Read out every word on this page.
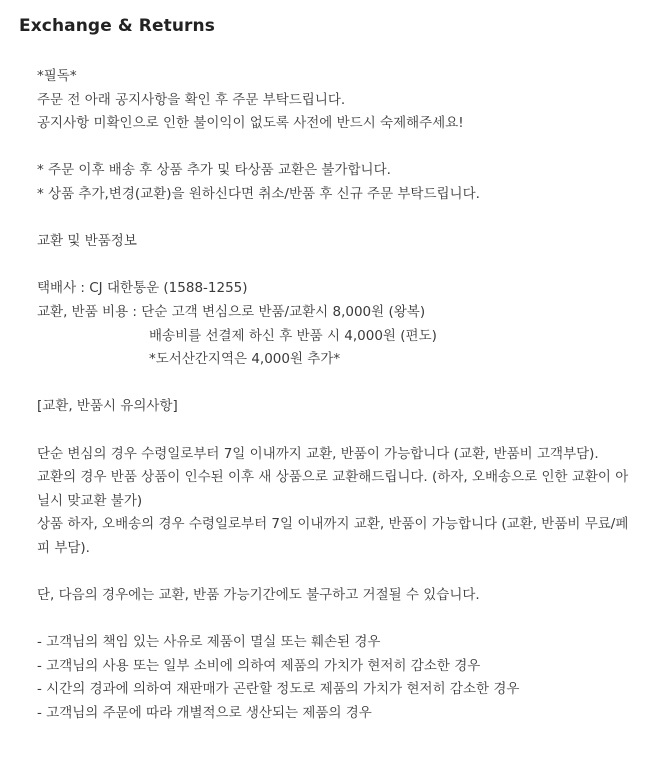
Exchange & Returns
*필독*
주문 전 아래 공지사항을 확인 후 주문 부탁드립니다.
공지사항 미확인으로 인한 불이익이 없도록 사전에 반드시 숙제해주세요!
* 주문 이후 배송 후 상품 추가 및 타상품 교환은 불가합니다.
* 상품 추가,변경(교환)을 원하신다면 취소/반품 후 신규 주문 부탁드립니다.
교환 및 반품정보
택배사 : CJ 대한통운 (1588-1255)
교환, 반품 비용 : 단순 고객 변심으로 반품/교환시 8,000원 (왕복)
배송비를 선결제 하신 후 반품 시 4,000원 (편도)
*도서산간지역은 4,000원 추가*
[교환, 반품시 유의사항]
단순 변심의 경우 수령일로부터 7일 이내까지 교환, 반품이 가능합니다 (교환, 반품비 고객부담).
교환의 경우 반품 상품이 인수된 이후 새 상품으로 교환해드립니다. (하자, 오배송으로 인한 교환이 아닐시 맞교환 불가)
상품 하자, 오배송의 경우 수령일로부터 7일 이내까지 교환, 반품이 가능합니다 (교환, 반품비 무료/페피 부담).
단, 다음의 경우에는 교환, 반품 가능기간에도 불구하고 거절될 수 있습니다.
- 고객님의 책임 있는 사유로 제품이 멸실 또는 훼손된 경우
- 고객님의 사용 또는 일부 소비에 의하여 제품의 가치가 현저히 감소한 경우
- 시간의 경과에 의하여 재판매가 곤란할 정도로 제품의 가치가 현저히 감소한 경우
- 고객님의 주문에 따라 개별적으로 생산되는 제품의 경우
